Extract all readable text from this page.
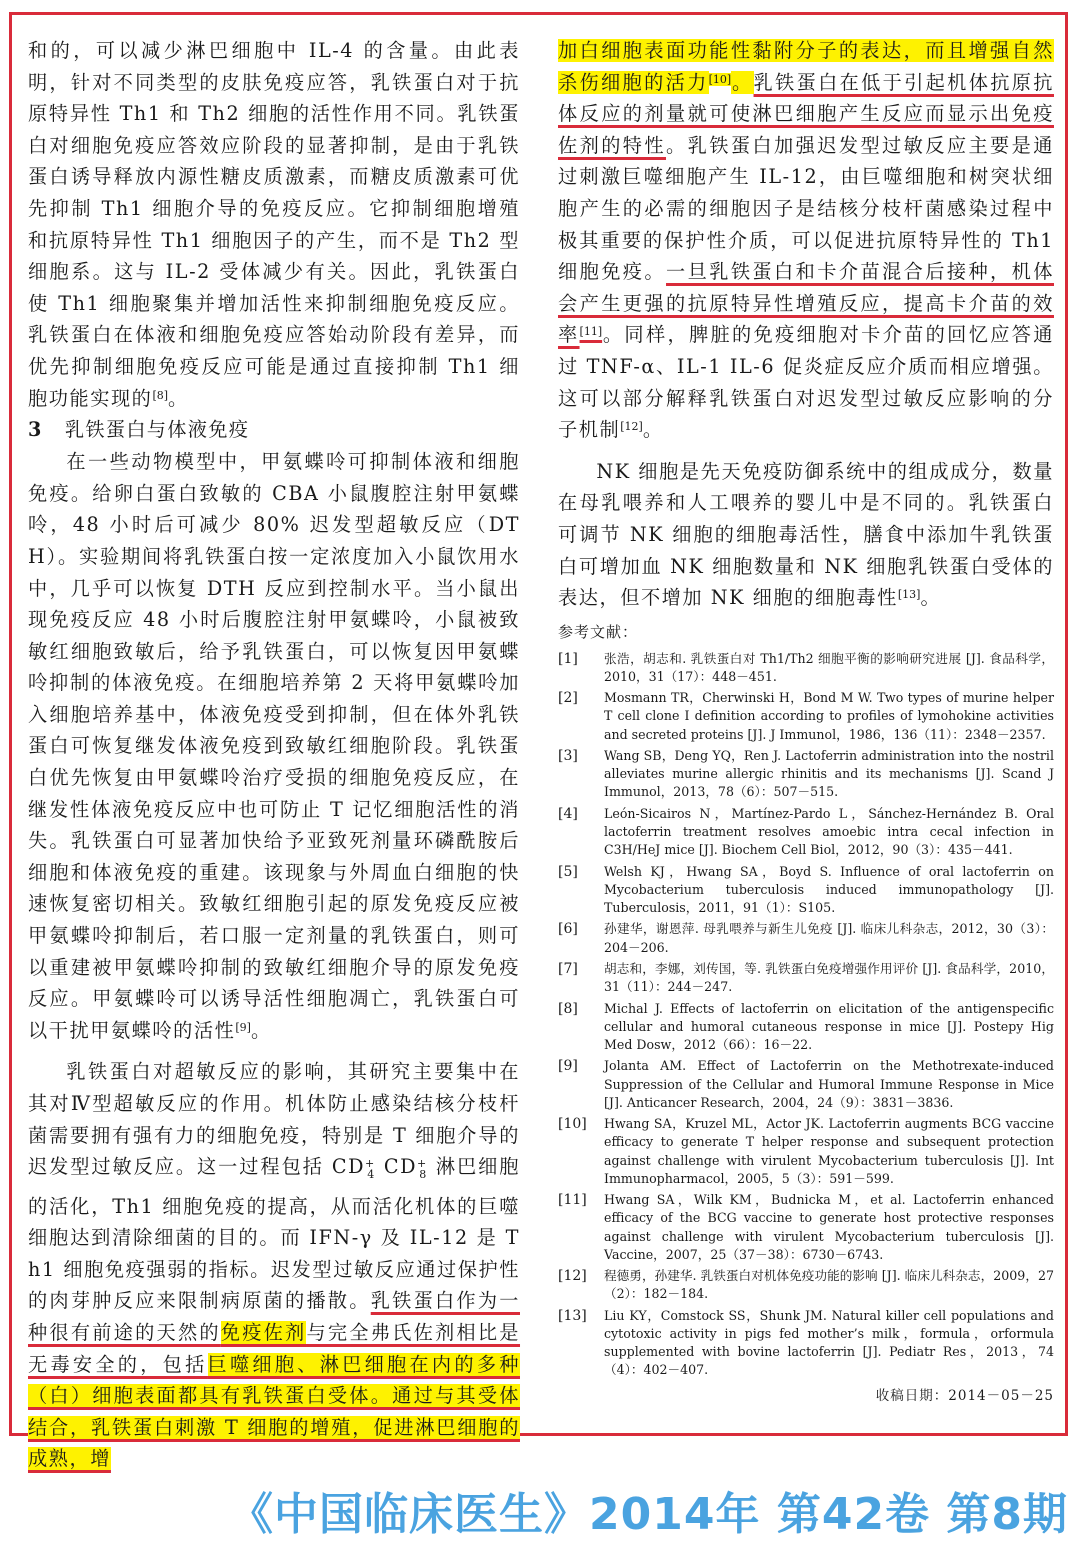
和的，可以减少淋巴细胞中 IL-4 的含量。由此表明，针对不同类型的皮肤免疫应答，乳铁蛋白对于抗原特异性 Th1 和 Th2 细胞的活性作用不同。乳铁蛋白对细胞免疫应答效应阶段的显著抑制，是由于乳铁蛋白诱导释放内源性糖皮质激素，而糖皮质激素可优先抑制 Th1 细胞介导的免疫反应。它抑制细胞增殖和抗原特异性 Th1 细胞因子的产生，而不是 Th2 型细胞系。这与 IL-2 受体减少有关。因此，乳铁蛋白使 Th1 细胞聚集并增加活性来抑制细胞免疫反应。乳铁蛋白在体液和细胞免疫应答始动阶段有差异，而优先抑制细胞免疫反应可能是通过直接抑制 Th1 细胞功能实现的[8]。

3 乳铁蛋白与体液免疫

在一些动物模型中，甲氨蝶呤可抑制体液和细胞免疫。给卵白蛋白致敏的 CBA 小鼠腹腔注射甲氨蝶呤，48 小时后可减少 80% 迟发型超敏反应（DTH）。实验期间将乳铁蛋白按一定浓度加入小鼠饮用水中，几乎可以恢复 DTH 反应到控制水平。当小鼠出现免疫反应 48 小时后腹腔注射甲氨蝶呤，小鼠被致敏红细胞致敏后，给予乳铁蛋白，可以恢复因甲氨蝶呤抑制的体液免疫。在细胞培养第 2 天将甲氨蝶呤加入细胞培养基中，体液免疫受到抑制，但在体外乳铁蛋白可恢复继发体液免疫到致敏红细胞阶段。乳铁蛋白优先恢复由甲氨蝶呤治疗受损的细胞免疫反应，在继发性体液免疫反应中也可防止 T 记忆细胞活性的消失。乳铁蛋白可显著加快给予亚致死剂量环磷酰胺后细胞和体液免疫的重建。该现象与外周血白细胞的快速恢复密切相关。致敏红细胞引起的原发免疫反应被甲氨蝶呤抑制后，若口服一定剂量的乳铁蛋白，则可以重建被甲氨蝶呤抑制的致敏红细胞介导的原发免疫反应。甲氨蝶呤可以诱导活性细胞凋亡，乳铁蛋白可以干扰甲氨蝶呤的活性[9]。

乳铁蛋白对超敏反应的影响，其研究主要集中在其对Ⅳ型超敏反应的作用。机体防止感染结核分枝杆菌需要拥有强有力的细胞免疫，特别是 T 细胞介导的迟发型过敏反应。这一过程包括 $CD^+_4$ $CD^+_8$ 淋巴细胞的活化，Th1 细胞免疫的提高，从而活化机体的巨噬细胞达到清除细菌的目的。而 IFN-γ 及 IL-12 是 Th1 细胞免疫强弱的指标。迟发型过敏反应通过保护性的肉芽肿反应来限制病原菌的播散。乳铁蛋白作为一种很有前途的天然的免疫佐剂与完全弗氏佐剂相比是无毒安全的，包括巨噬细胞、淋巴细胞在内的多种（白）细胞表面都具有乳铁蛋白受体。通过与其受体结合，乳铁蛋白刺激 T 细胞的增殖，促进淋巴细胞的成熟，增

加白细胞表面功能性黏附分子的表达，而且增强自然杀伤细胞的活力[10]。乳铁蛋白在低于引起机体抗原抗体反应的剂量就可使淋巴细胞产生反应而显示出免疫佐剂的特性。乳铁蛋白加强迟发型过敏反应主要是通过刺激巨噬细胞产生 IL-12，由巨噬细胞和树突状细胞产生的必需的细胞因子是结核分枝杆菌感染过程中极其重要的保护性介质，可以促进抗原特异性的 Th1 细胞免疫。一旦乳铁蛋白和卡介苗混合后接种，机体会产生更强的抗原特异性增殖反应，提高卡介苗的效率[11]。同样，脾脏的免疫细胞对卡介苗的回忆应答通过 TNF-α、IL-1 IL-6 促炎症反应介质而相应增强。这可以部分解释乳铁蛋白对迟发型过敏反应影响的分子机制[12]。

NK 细胞是先天免疫防御系统中的组成成分，数量在母乳喂养和人工喂养的婴儿中是不同的。乳铁蛋白可调节 NK 细胞的细胞毒活性，膳食中添加牛乳铁蛋白可增加血 NK 细胞数量和 NK 细胞乳铁蛋白受体的表达，但不增加 NK 细胞的细胞毒性[13]。

参考文献：
[1]	张浩，胡志和. 乳铁蛋白对 Th1/Th2 细胞平衡的影响研究进展 [J]. 食品科学，2010，31（17）：448－451.
[2]	Mosmann TR，Cherwinski H，Bond M W. Two types of murine helper T cell clone I definition according to profiles of lymohokine activities and secreted proteins [J]. J Immunol，1986，136（11）：2348－2357.
[3]	Wang SB，Deng YQ，Ren J. Lactoferrin administration into the nostril alleviates murine allergic rhinitis and its mechanisms [J]. Scand J Immunol，2013，78（6）：507－515.
[4]	León-Sicairos N，Martínez-Pardo L，Sánchez-Hernández B. Oral lactoferrin treatment resolves amoebic intra cecal infection in C3H/HeJ mice [J]. Biochem Cell Biol，2012，90（3）：435－441.
[5]	Welsh KJ，Hwang SA，Boyd S. Influence of oral lactoferrin on Mycobacterium tuberculosis induced immunopathology [J]. Tuberculosis，2011，91（1）：S105.
[6]	孙建华，谢恩萍. 母乳喂养与新生儿免疫 [J]. 临床儿科杂志，2012，30（3）：204－206.
[7]	胡志和，李娜，刘传国，等. 乳铁蛋白免疫增强作用评价 [J]. 食品科学，2010，31（11）：244－247.
[8]	Michal J. Effects of lactoferrin on elicitation of the antigenspecific cellular and humoral cutaneous response in mice [J]. Postepy Hig Med Dosw，2012（66）：16－22.
[9]	Jolanta AM. Effect of Lactoferrin on the Methotrexate-induced Suppression of the Cellular and Humoral Immune Response in Mice [J]. Anticancer Research，2004，24（9）：3831－3836.
[10]	Hwang SA，Kruzel ML，Actor JK. Lactoferrin augments BCG vaccine efficacy to generate T helper response and subsequent protection against challenge with virulent Mycobacterium tuberculosis [J]. Int Immunopharmacol，2005，5（3）：591－599.
[11]	Hwang SA，Wilk KM，Budnicka M，et al. Lactoferrin enhanced efficacy of the BCG vaccine to generate host protective responses against challenge with virulent Mycobacterium tuberculosis [J]. Vaccine，2007，25（37－38）：6730－6743.
[12]	程德勇，孙建华. 乳铁蛋白对机体免疫功能的影响 [J]. 临床儿科杂志，2009，27（2）：182－184.
[13]	Liu KY，Comstock SS，Shunk JM. Natural killer cell populations and cytotoxic activity in pigs fed mother’s milk，formula，orformula supplemented with bovine lactoferrin [J]. Pediatr Res，2013，74（4）：402－407.
收稿日期：2014－05－25
《中国临床医生》2014年 第42卷 第8期
